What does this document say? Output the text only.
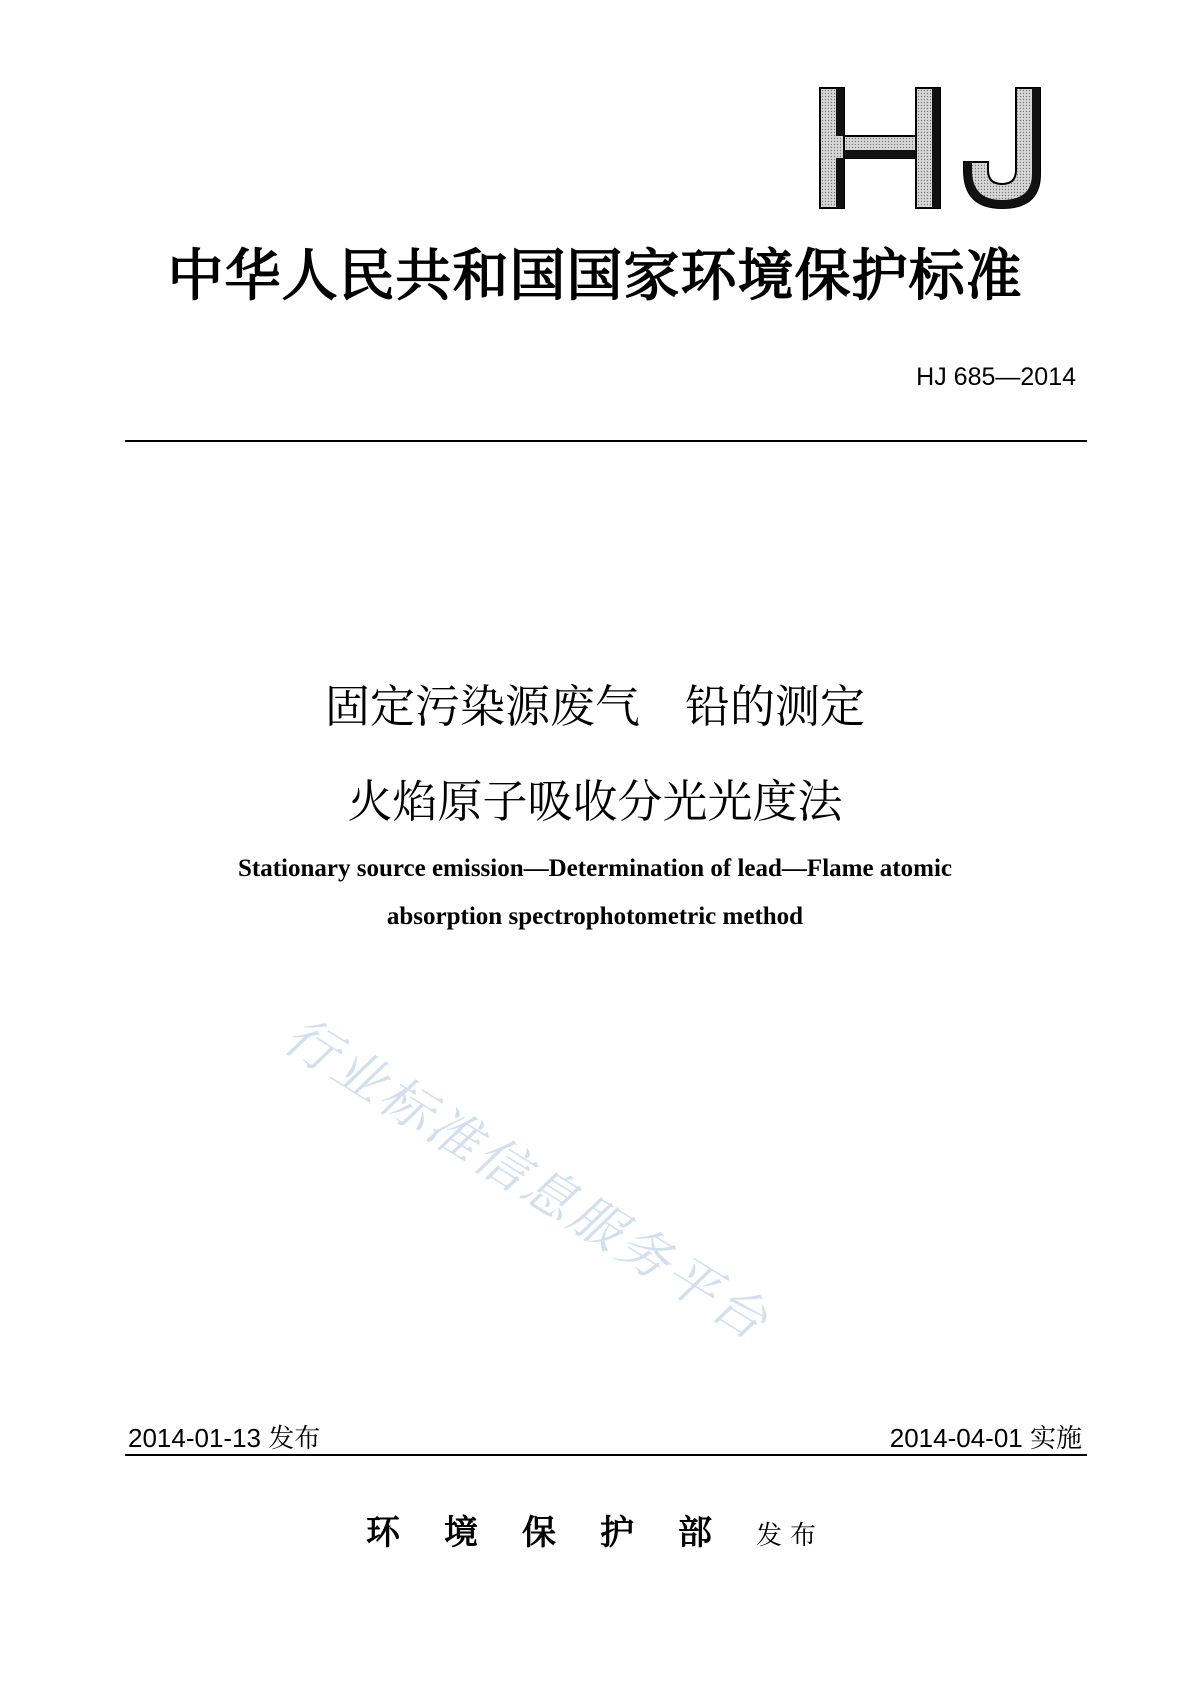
中华人民共和国国家环境保护标准
HJ 685—2014
固定污染源废气　铅的测定
火焰原子吸收分光光度法
Stationary source emission—Determination of lead—Flame atomic
absorption spectrophotometric method
行业标准信息服务平台
2014-01-13 发布	2014-04-01 实施
环境保护部发布
